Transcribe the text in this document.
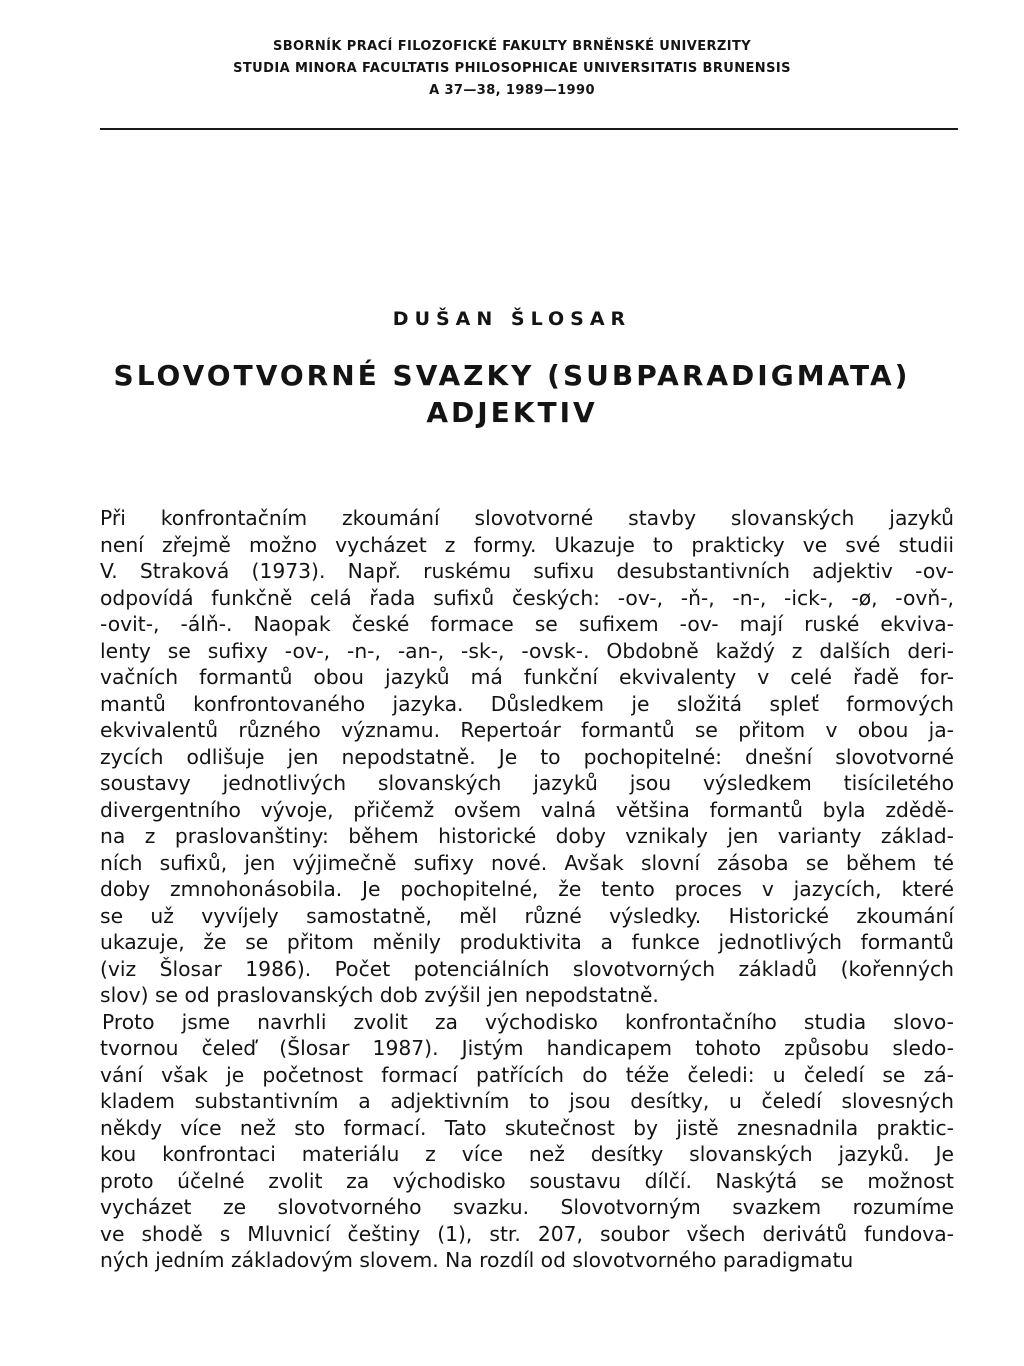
SBORNÍK PRACÍ FILOZOFICKÉ FAKULTY BRNĚNSKÉ UNIVERZITY
STUDIA MINORA FACULTATIS PHILOSOPHICAE UNIVERSITATIS BRUNENSIS
A 37—38, 1989—1990
DUŠAN ŠLOSAR
SLOVOTVORNÉ SVAZKY (SUBPARADIGMATA)
ADJEKTIV

Při konfrontačním zkoumání slovotvorné stavby slovanských jazyků
není zřejmě možno vycházet z formy. Ukazuje to prakticky ve své studii
V. Straková (1973). Např. ruskému sufixu desubstantivních adjektiv -ov-
odpovídá funkčně celá řada sufixů českých: -ov-, -ň-, -n-, -ick-, -ø, -ovň-,
-ovit-, -álň-. Naopak české formace se sufixem -ov- mají ruské ekviva-
lenty se sufixy -ov-, -n-, -an-, -sk-, -ovsk-. Obdobně každý z dalších deri-
vačních formantů obou jazyků má funkční ekvivalenty v celé řadě for-
mantů konfrontovaného jazyka. Důsledkem je složitá spleť formových
ekvivalentů různého významu. Repertoár formantů se přitom v obou ja-
zycích odlišuje jen nepodstatně. Je to pochopitelné: dnešní slovotvorné
soustavy jednotlivých slovanských jazyků jsou výsledkem tisíciletého
divergentního vývoje, přičemž ovšem valná většina formantů byla zdědě-
na z praslovanštiny: během historické doby vznikaly jen varianty základ-
ních sufixů, jen výjimečně sufixy nové. Avšak slovní zásoba se během té
doby zmnohonásobila. Je pochopitelné, že tento proces v jazycích, které
se už vyvíjely samostatně, měl různé výsledky. Historické zkoumání
ukazuje, že se přitom měnily produktivita a funkce jednotlivých formantů
(viz Šlosar 1986). Počet potenciálních slovotvorných základů (kořenných
slov) se od praslovanských dob zvýšil jen nepodstatně.

Proto jsme navrhli zvolit za východisko konfrontačního studia slovo-
tvornou čeleď (Šlosar 1987). Jistým handicapem tohoto způsobu sledo-
vání však je početnost formací patřících do téže čeledi: u čeledí se zá-
kladem substantivním a adjektivním to jsou desítky, u čeledí slovesných
někdy více než sto formací. Tato skutečnost by jistě znesnadnila praktic-
kou konfrontaci materiálu z více než desítky slovanských jazyků. Je
proto účelné zvolit za východisko soustavu dílčí. Naskýtá se možnost
vycházet ze slovotvorného svazku. Slovotvorným svazkem rozumíme
ve shodě s Mluvnicí češtiny (1), str. 207, soubor všech derivátů fundova-
ných jedním základovým slovem. Na rozdíl od slovotvorného paradigmatu
